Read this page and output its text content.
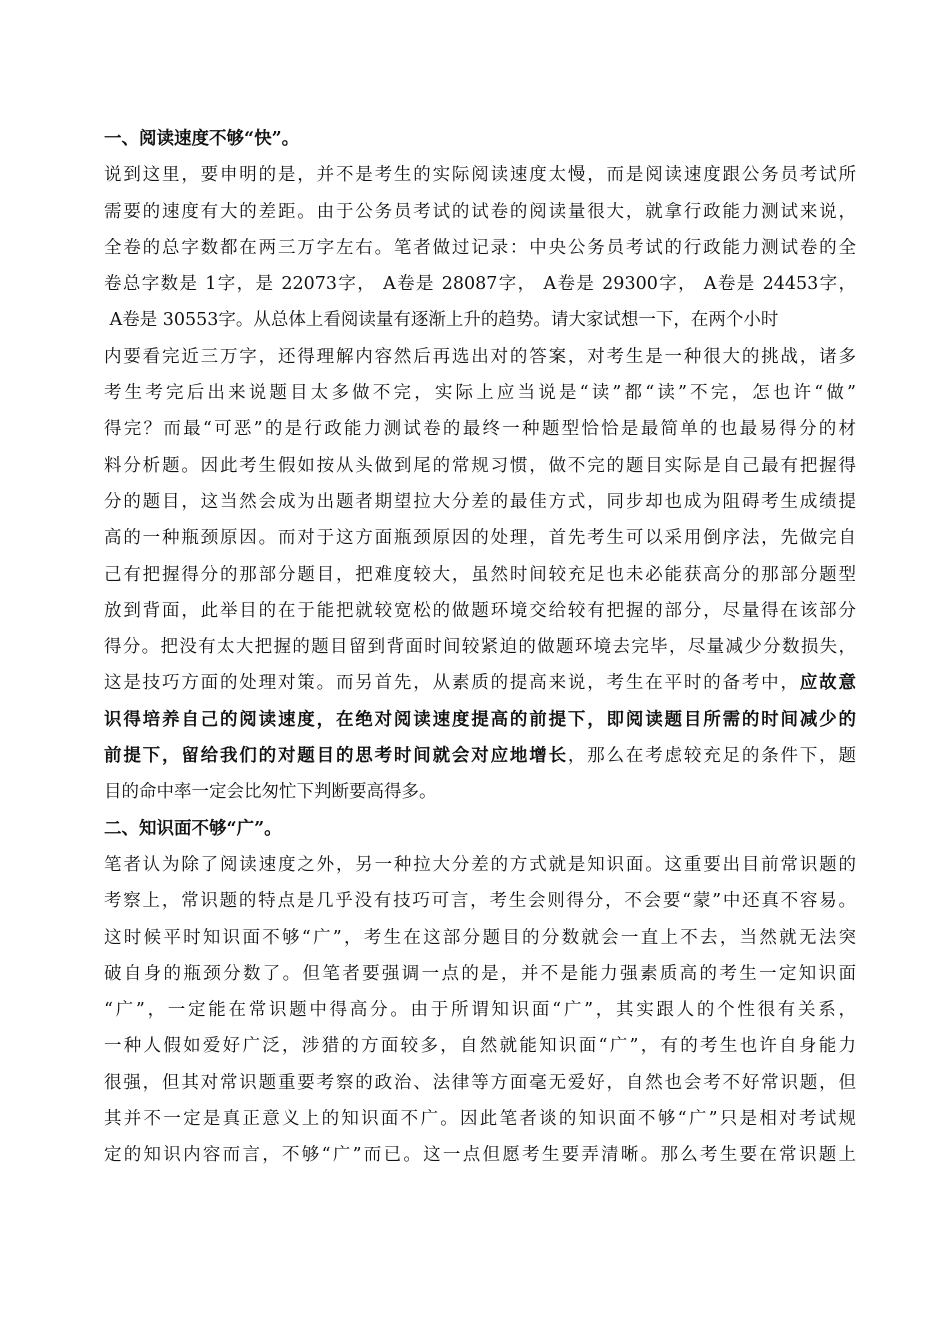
一、阅读速度不够“快”。
说到这里，要申明的是，并不是考生的实际阅读速度太慢，而是阅读速度跟公务员考试所
需要的速度有大的差距。由于公务员考试的试卷的阅读量很大，就拿行政能力测试来说，
全卷的总字数都在两三万字左右。笔者做过记录：中央公务员考试的行政能力测试卷的全
卷总字数是 1字，是 22073字， A卷是 28087字， A卷是 29300字， A卷是 24453字，
A卷是 30553字。从总体上看阅读量有逐渐上升的趋势。请大家试想一下，在两个小时
内要看完近三万字，还得理解内容然后再选出对的答案，对考生是一种很大的挑战，诸多
考生考完后出来说题目太多做不完，实际上应当说是“读”都“读”不完，怎也许“做”
得完？而最“可恶”的是行政能力测试卷的最终一种题型恰恰是最简单的也最易得分的材
料分析题。因此考生假如按从头做到尾的常规习惯，做不完的题目实际是自己最有把握得
分的题目，这当然会成为出题者期望拉大分差的最佳方式，同步却也成为阻碍考生成绩提
高的一种瓶颈原因。而对于这方面瓶颈原因的处理，首先考生可以采用倒序法，先做完自
己有把握得分的那部分题目，把难度较大，虽然时间较充足也未必能获高分的那部分题型
放到背面，此举目的在于能把就较宽松的做题环境交给较有把握的部分，尽量得在该部分
得分。把没有太大把握的题目留到背面时间较紧迫的做题环境去完毕，尽量减少分数损失，
这是技巧方面的处理对策。而另首先，从素质的提高来说，考生在平时的备考中，应故意
识得培养自己的阅读速度，在绝对阅读速度提高的前提下，即阅读题目所需的时间减少的
前提下，留给我们的对题目的思考时间就会对应地增长，那么在考虑较充足的条件下，题
目的命中率一定会比匆忙下判断要高得多。
二、知识面不够“广”。
笔者认为除了阅读速度之外，另一种拉大分差的方式就是知识面。这重要出目前常识题的
考察上，常识题的特点是几乎没有技巧可言，考生会则得分，不会要“蒙”中还真不容易。
这时候平时知识面不够“广”，考生在这部分题目的分数就会一直上不去，当然就无法突
破自身的瓶颈分数了。但笔者要强调一点的是，并不是能力强素质高的考生一定知识面
“广”，一定能在常识题中得高分。由于所谓知识面“广”，其实跟人的个性很有关系，
一种人假如爱好广泛，涉猎的方面较多，自然就能知识面“广”，有的考生也许自身能力
很强，但其对常识题重要考察的政治、法律等方面毫无爱好，自然也会考不好常识题，但
其并不一定是真正意义上的知识面不广。因此笔者谈的知识面不够“广”只是相对考试规
定的知识内容而言，不够“广”而已。这一点但愿考生要弄清晰。那么考生要在常识题上
